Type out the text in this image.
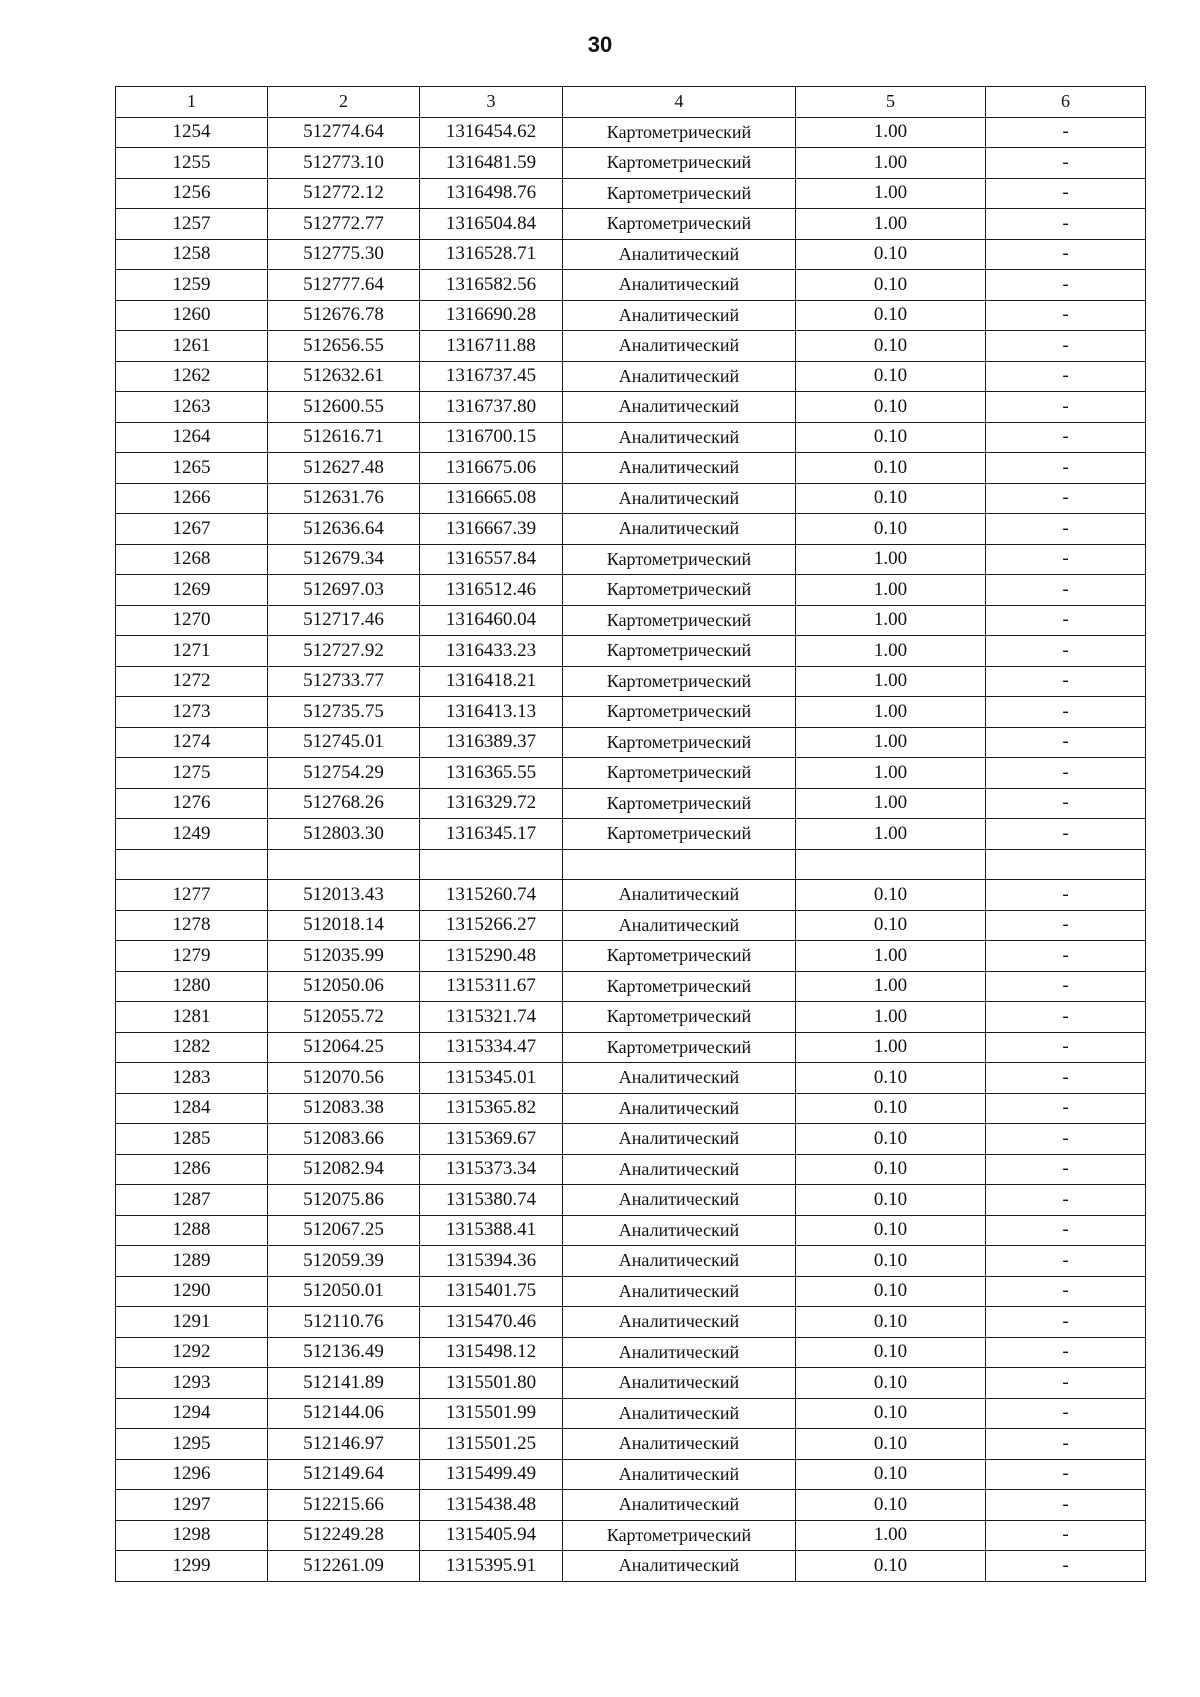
30
1	2	3	4	5	6
1254	512774.64	1316454.62	Картометрический	1.00	-
1255	512773.10	1316481.59	Картометрический	1.00	-
1256	512772.12	1316498.76	Картометрический	1.00	-
1257	512772.77	1316504.84	Картометрический	1.00	-
1258	512775.30	1316528.71	Аналитический	0.10	-
1259	512777.64	1316582.56	Аналитический	0.10	-
1260	512676.78	1316690.28	Аналитический	0.10	-
1261	512656.55	1316711.88	Аналитический	0.10	-
1262	512632.61	1316737.45	Аналитический	0.10	-
1263	512600.55	1316737.80	Аналитический	0.10	-
1264	512616.71	1316700.15	Аналитический	0.10	-
1265	512627.48	1316675.06	Аналитический	0.10	-
1266	512631.76	1316665.08	Аналитический	0.10	-
1267	512636.64	1316667.39	Аналитический	0.10	-
1268	512679.34	1316557.84	Картометрический	1.00	-
1269	512697.03	1316512.46	Картометрический	1.00	-
1270	512717.46	1316460.04	Картометрический	1.00	-
1271	512727.92	1316433.23	Картометрический	1.00	-
1272	512733.77	1316418.21	Картометрический	1.00	-
1273	512735.75	1316413.13	Картометрический	1.00	-
1274	512745.01	1316389.37	Картометрический	1.00	-
1275	512754.29	1316365.55	Картометрический	1.00	-
1276	512768.26	1316329.72	Картометрический	1.00	-
1249	512803.30	1316345.17	Картометрический	1.00	-

1277	512013.43	1315260.74	Аналитический	0.10	-
1278	512018.14	1315266.27	Аналитический	0.10	-
1279	512035.99	1315290.48	Картометрический	1.00	-
1280	512050.06	1315311.67	Картометрический	1.00	-
1281	512055.72	1315321.74	Картометрический	1.00	-
1282	512064.25	1315334.47	Картометрический	1.00	-
1283	512070.56	1315345.01	Аналитический	0.10	-
1284	512083.38	1315365.82	Аналитический	0.10	-
1285	512083.66	1315369.67	Аналитический	0.10	-
1286	512082.94	1315373.34	Аналитический	0.10	-
1287	512075.86	1315380.74	Аналитический	0.10	-
1288	512067.25	1315388.41	Аналитический	0.10	-
1289	512059.39	1315394.36	Аналитический	0.10	-
1290	512050.01	1315401.75	Аналитический	0.10	-
1291	512110.76	1315470.46	Аналитический	0.10	-
1292	512136.49	1315498.12	Аналитический	0.10	-
1293	512141.89	1315501.80	Аналитический	0.10	-
1294	512144.06	1315501.99	Аналитический	0.10	-
1295	512146.97	1315501.25	Аналитический	0.10	-
1296	512149.64	1315499.49	Аналитический	0.10	-
1297	512215.66	1315438.48	Аналитический	0.10	-
1298	512249.28	1315405.94	Картометрический	1.00	-
1299	512261.09	1315395.91	Аналитический	0.10	-
